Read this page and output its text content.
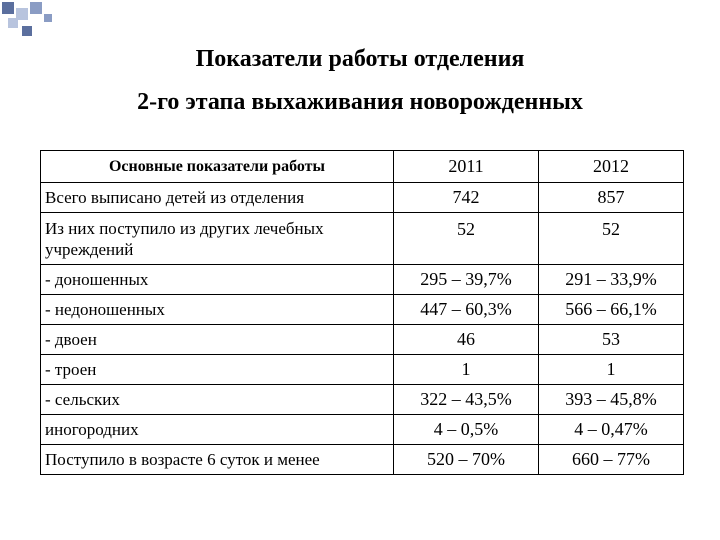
Показатели работы отделения
2-го этапа выхаживания новорожденных
Основные показатели работы	2011	2012
Всего выписано детей из отделения	742	857
Из них поступило из других лечебных учреждений	52	52
- доношенных	295 – 39,7%	291 – 33,9%
- недоношенных	447 – 60,3%	566 – 66,1%
- двоен	46	53
- троен	1	1
- сельских	322 – 43,5%	393 – 45,8%
иногородних	4 – 0,5%	4 – 0,47%
Поступило в возрасте 6 суток и менее	520 – 70%	660 – 77%
